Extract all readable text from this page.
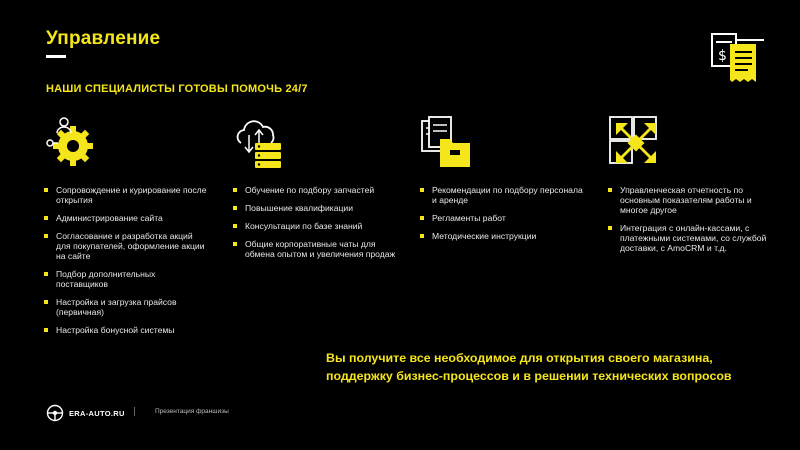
Управление
НАШИ СПЕЦИАЛИСТЫ ГОТОВЫ ПОМОЧЬ 24/7
$
Сопровождение и курирование после открытия
Администрирование сайта
Согласование и разработка акций для покупателей, оформление акции на сайте
Подбор дополнительных поставщиков
Настройка и загрузка прайсов (первичная)
Настройка бонусной системы
Обучение по подбору запчастей
Повышение квалификации
Консультации по базе знаний
Общие корпоративные чаты для обмена опытом и увеличения продаж
Рекомендации по подбору персонала и аренде
Регламенты работ
Методические инструкции
Управленческая отчетность по основным показателям работы и многое другое
Интеграция с онлайн-кассами, с платежными системами, со службой доставки, с AmoCRM и т.д.
Вы получите все необходимое для открытия своего магазина,
поддержку бизнес-процессов и в решении технических вопросов
ERA-AUTO.RU	Презентация франшизы
